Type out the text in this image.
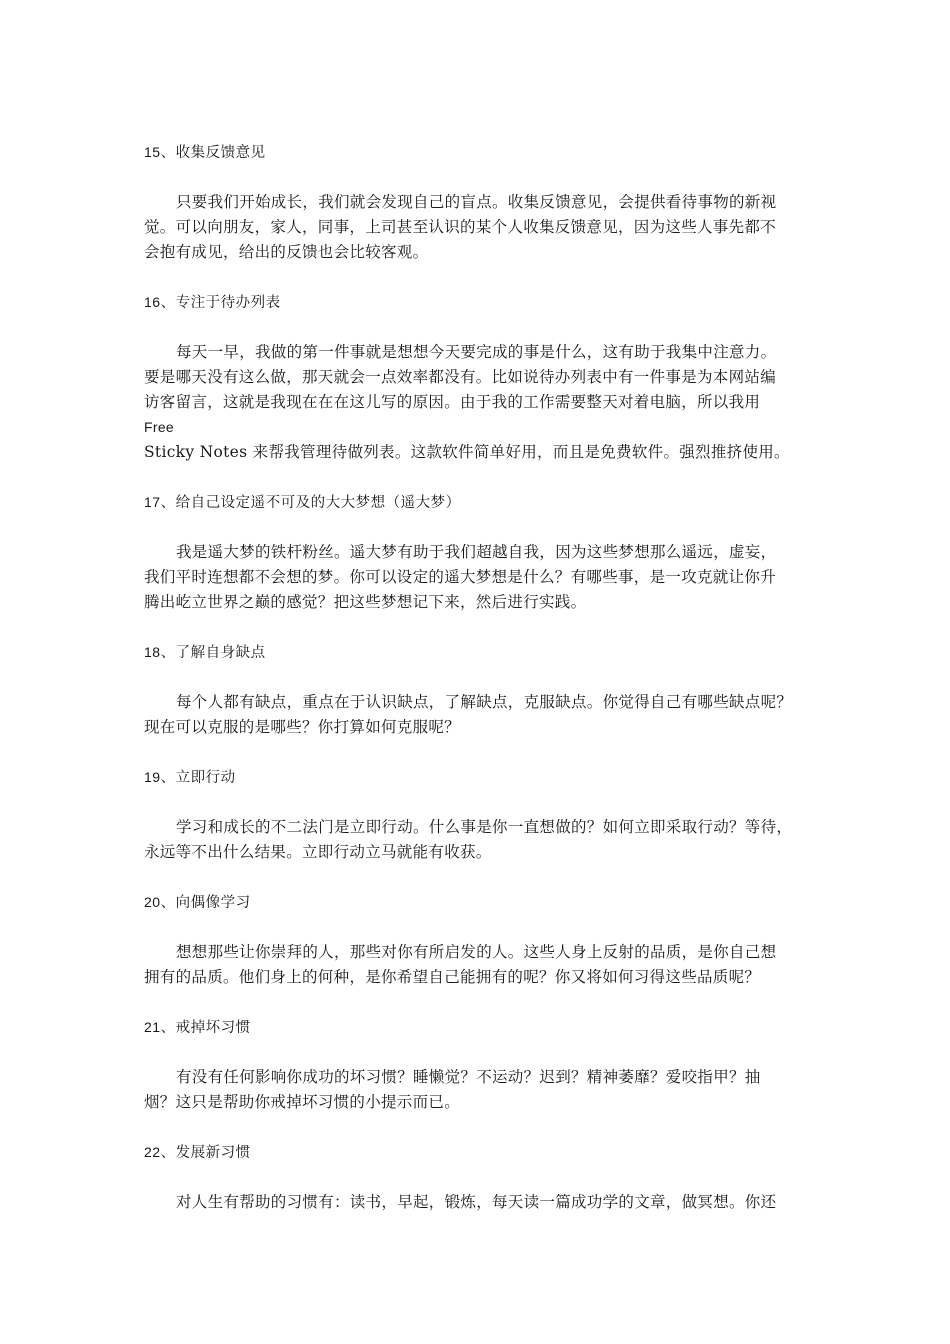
15、收集反馈意见
只要我们开始成长，我们就会发现自己的盲点。收集反馈意见，会提供看待事物的新视
觉。可以向朋友，家人，同事，上司甚至认识的某个人收集反馈意见，因为这些人事先都不
会抱有成见，给出的反馈也会比较客观。
16、专注于待办列表
每天一早，我做的第一件事就是想想今天要完成的事是什么，这有助于我集中注意力。
要是哪天没有这么做，那天就会一点效率都没有。比如说待办列表中有一件事是为本网站编
访客留言，这就是我现在在在这儿写的原因。由于我的工作需要整天对着电脑，所以我用
Free
Sticky Notes 来帮我管理待做列表。这款软件简单好用，而且是免费软件。强烈推挤使用。
17、给自己设定遥不可及的大大梦想（遥大梦）
我是遥大梦的铁杆粉丝。遥大梦有助于我们超越自我，因为这些梦想那么遥远，虚妄，
我们平时连想都不会想的梦。你可以设定的遥大梦想是什么？有哪些事，是一攻克就让你升
腾出屹立世界之巅的感觉？把这些梦想记下来，然后进行实践。
18、了解自身缺点
每个人都有缺点，重点在于认识缺点，了解缺点，克服缺点。你觉得自己有哪些缺点呢？
现在可以克服的是哪些？你打算如何克服呢？
19、立即行动
学习和成长的不二法门是立即行动。什么事是你一直想做的？如何立即采取行动？等待，
永远等不出什么结果。立即行动立马就能有收获。
20、向偶像学习
想想那些让你崇拜的人，那些对你有所启发的人。这些人身上反射的品质，是你自己想
拥有的品质。他们身上的何种，是你希望自己能拥有的呢？你又将如何习得这些品质呢？
21、戒掉坏习惯
有没有任何影响你成功的坏习惯？睡懒觉？不运动？迟到？精神萎靡？爱咬指甲？抽
烟？这只是帮助你戒掉坏习惯的小提示而已。
22、发展新习惯
对人生有帮助的习惯有：读书，早起，锻炼，每天读一篇成功学的文章，做冥想。你还
